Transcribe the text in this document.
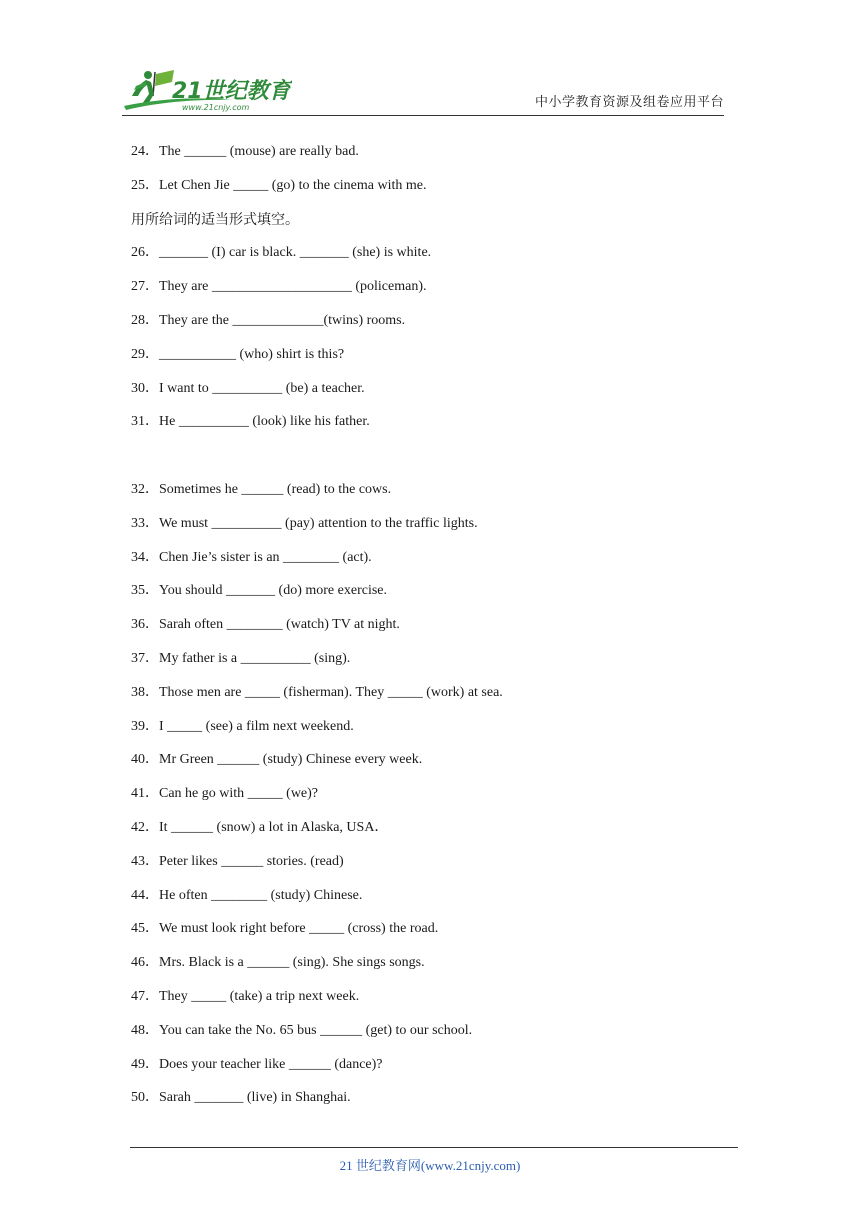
21世纪教育
www.21cnjy.com	中小学教育资源及组卷应用平台
24．The ______ (mouse) are really bad.
25．Let Chen Jie _____ (go) to the cinema with me.
用所给词的适当形式填空。
26．_______ (I) car is black. _______ (she) is white.
27．They are ____________________ (policeman).
28．They are the _____________(twins) rooms.
29．___________ (who) shirt is this?
30．I want to __________ (be) a teacher.
31．He __________ (look) like his father.
32．Sometimes he ______ (read) to the cows.
33．We must __________ (pay) attention to the traffic lights.
34．Chen Jie’s sister is an ________ (act).
35．You should _______ (do) more exercise.
36．Sarah often ________ (watch) TV at night.
37．My father is a __________ (sing).
38．Those men are _____ (fisherman). They _____ (work) at sea.
39．I _____ (see) a film next weekend.
40．Mr Green ______ (study) Chinese every week.
41．Can he go with _____ (we)?
42．It ______ (snow) a lot in Alaska, USA．
43．Peter likes ______ stories. (read)
44．He often ________ (study) Chinese.
45．We must look right before _____ (cross) the road.
46．Mrs. Black is a ______ (sing). She sings songs.
47．They _____ (take) a trip next week.
48．You can take the No. 65 bus ______ (get) to our school.
49．Does your teacher like ______ (dance)?
50．Sarah _______ (live) in Shanghai.
21 世纪教育网(www.21cnjy.com)
